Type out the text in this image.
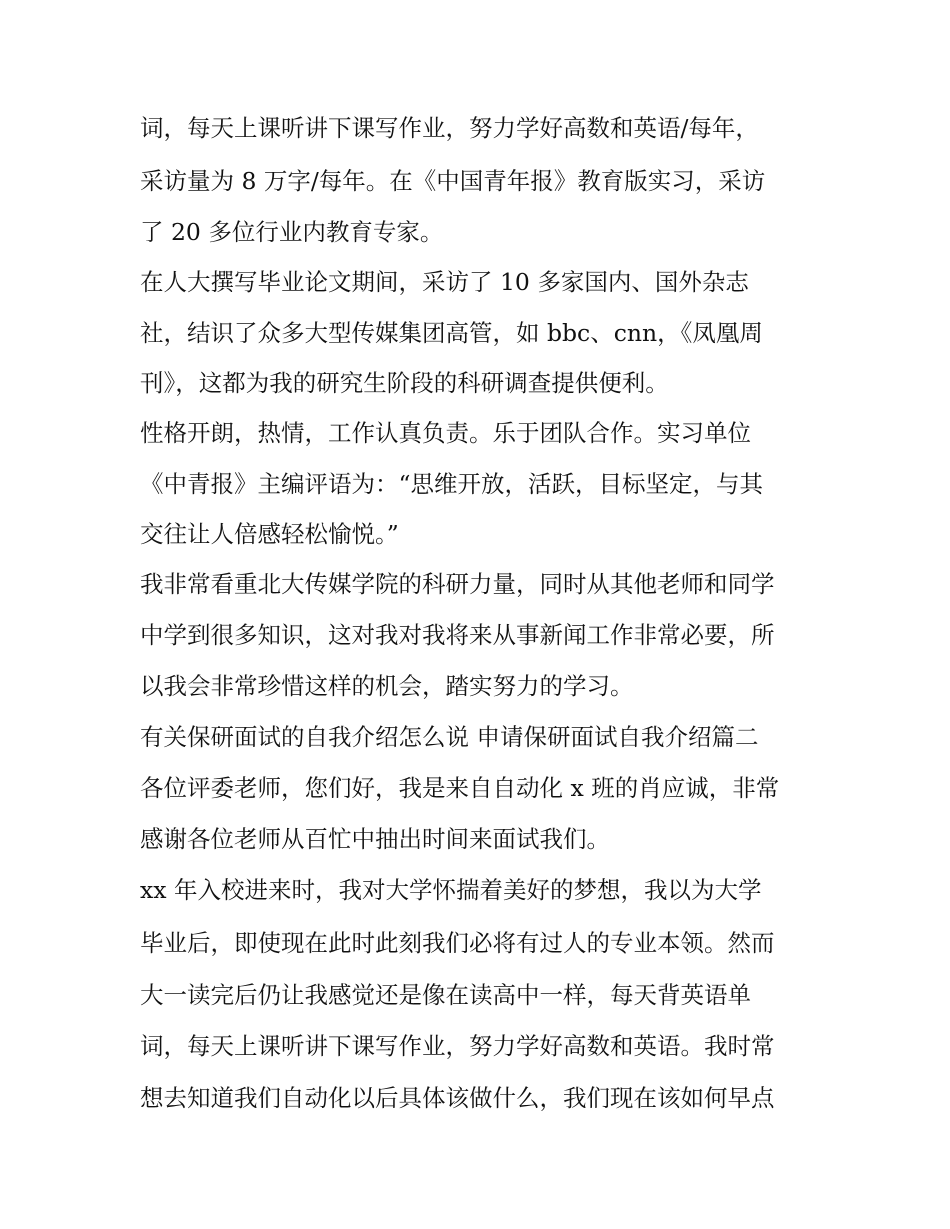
词，每天上课听讲下课写作业，努力学好高数和英语/每年，
采访量为 8 万字/每年。在《中国青年报》教育版实习，采访
了 20 多位行业内教育专家。
在人大撰写毕业论文期间，采访了 10 多家国内、国外杂志
社，结识了众多大型传媒集团高管，如 bbc、cnn，《凤凰周
刊》，这都为我的研究生阶段的科研调查提供便利。
性格开朗，热情，工作认真负责。乐于团队合作。实习单位
《中青报》主编评语为：“思维开放，活跃，目标坚定，与其
交往让人倍感轻松愉悦。”
我非常看重北大传媒学院的科研力量，同时从其他老师和同学
中学到很多知识，这对我对我将来从事新闻工作非常必要，所
以我会非常珍惜这样的机会，踏实努力的学习。
有关保研面试的自我介绍怎么说 申请保研面试自我介绍篇二
各位评委老师，您们好，我是来自自动化 x 班的肖应诚，非常
感谢各位老师从百忙中抽出时间来面试我们。
xx 年入校进来时，我对大学怀揣着美好的梦想，我以为大学
毕业后，即使现在此时此刻我们必将有过人的专业本领。然而
大一读完后仍让我感觉还是像在读高中一样，每天背英语单
词，每天上课听讲下课写作业，努力学好高数和英语。我时常
想去知道我们自动化以后具体该做什么，我们现在该如何早点
